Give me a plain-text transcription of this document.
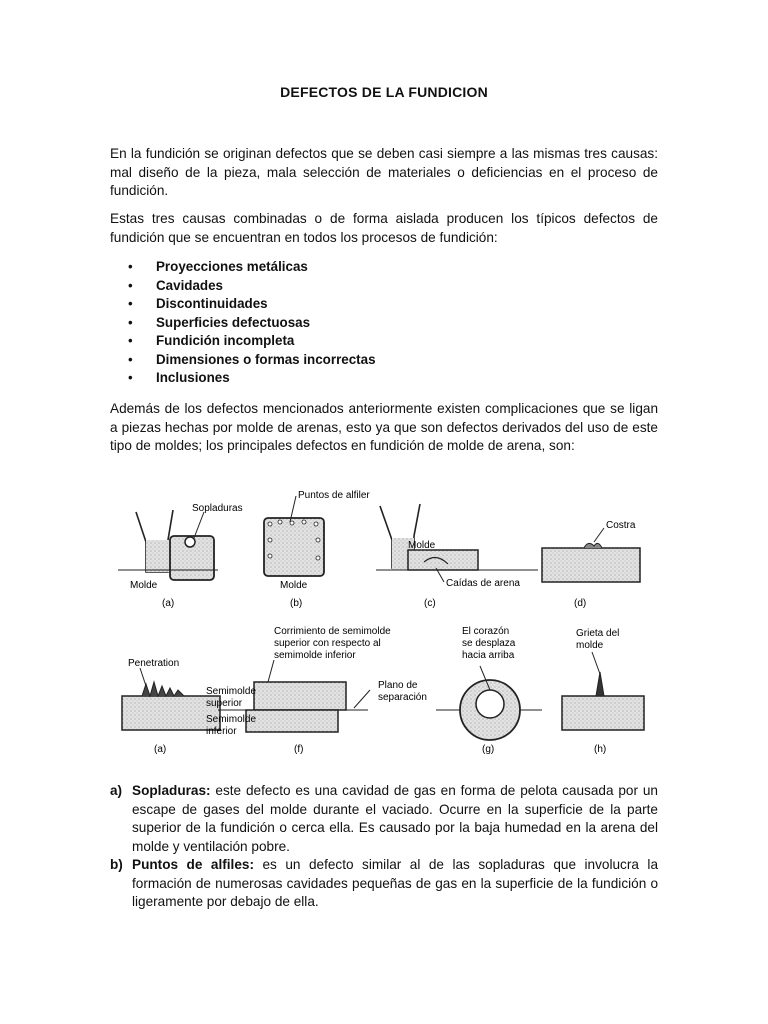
DEFECTOS DE LA FUNDICION
En la fundición se originan defectos que se deben casi siempre a las mismas tres causas: mal diseño de la pieza, mala selección de materiales o deficiencias en el proceso de fundición.
Estas tres causas combinadas o de forma aislada producen los típicos defectos de fundición que se encuentran en todos los procesos de fundición:
• Proyecciones metálicas
• Cavidades
• Discontinuidades
• Superficies defectuosas
• Fundición incompleta
• Dimensiones o formas incorrectas
• Inclusiones
Además de los defectos mencionados anteriormente existen complicaciones que se ligan a piezas hechas por molde de arenas, esto ya que son defectos derivados del uso de este tipo de moldes; los principales defectos en fundición de molde de arena, son:
Sopladuras
Molde
(a)
Puntos de alfiler
Molde
(b)
Molde
Caídas de arena
(c)
Costra
(d)
Penetration
(a)
Corrimiento de semimolde
superior con respecto al
semimolde inferior
Semimolde
superior
Semimolde
inferior
Plano de
separación
(f)
El corazón
se desplaza
hacia arriba
(g)
Grieta del
molde
(h)
a) Sopladuras: este defecto es una cavidad de gas en forma de pelota causada por un escape de gases del molde durante el vaciado. Ocurre en la superficie de la parte superior de la fundición o cerca ella. Es causado por la baja humedad en la arena del molde y ventilación pobre.
b) Puntos de alfiles: es un defecto similar al de las sopladuras que involucra la formación de numerosas cavidades pequeñas de gas en la superficie de la fundición o ligeramente por debajo de ella.
